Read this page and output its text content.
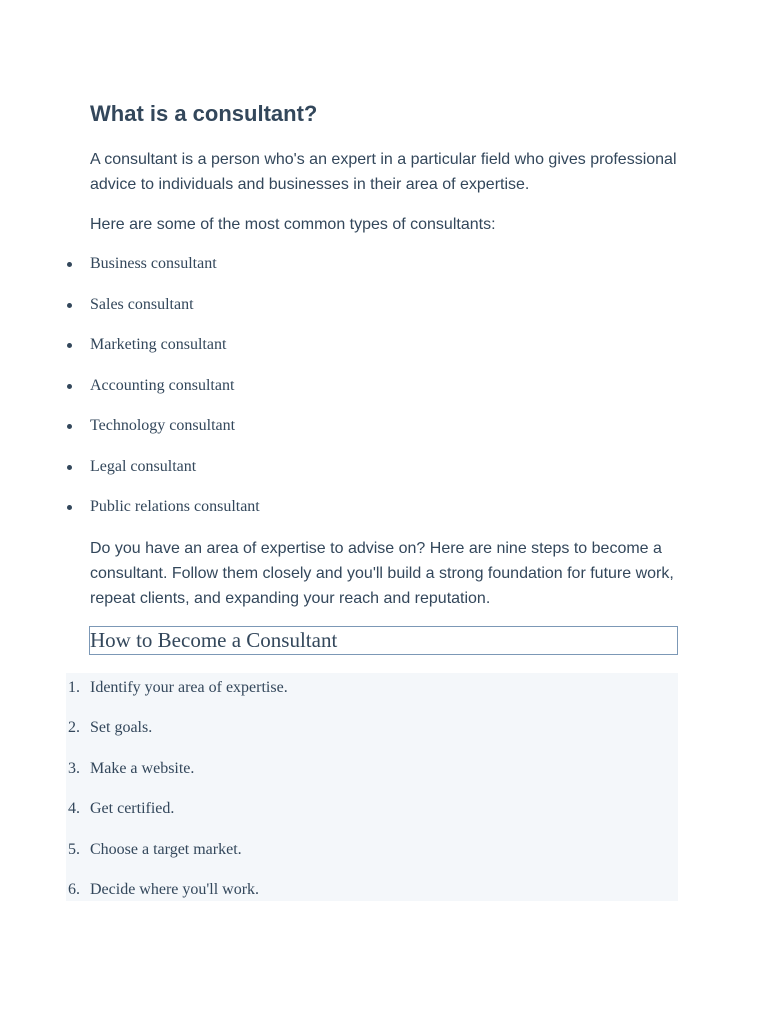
What is a consultant?

A consultant is a person who's an expert in a particular field who gives professional advice to individuals and businesses in their area of expertise.

Here are some of the most common types of consultants:

Business consultant
Sales consultant
Marketing consultant
Accounting consultant
Technology consultant
Legal consultant
Public relations consultant

Do you have an area of expertise to advise on? Here are nine steps to become a consultant. Follow them closely and you'll build a strong foundation for future work, repeat clients, and expanding your reach and reputation.

How to Become a Consultant
1. Identify your area of expertise.
2. Set goals.
3. Make a website.
4. Get certified.
5. Choose a target market.
6. Decide where you'll work.
